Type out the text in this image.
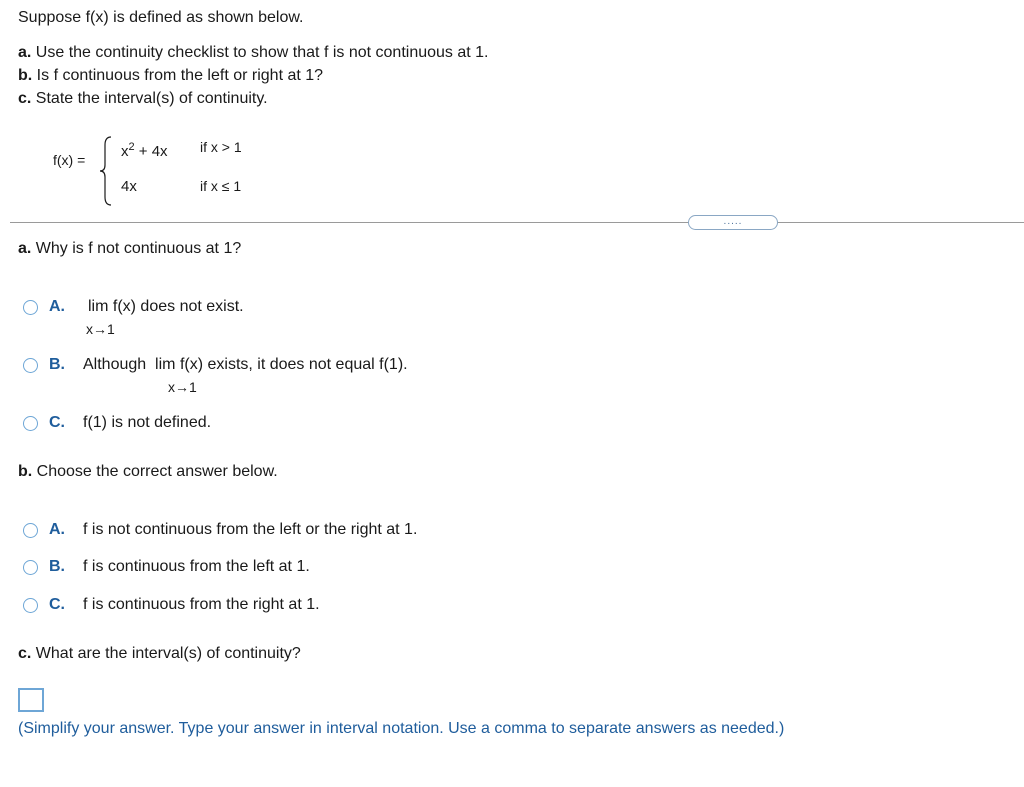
Suppose f(x) is defined as shown below.
a. Use the continuity checklist to show that f is not continuous at 1.
b. Is f continuous from the left or right at 1?
c. State the interval(s) of continuity.
$f(x) = x^2 + 4x$ if x > 1
4x	if x ≤ 1
.....
a. Why is f not continuous at 1?
A. lim f(x) does not exist.
x→1
B. Although  lim f(x) exists, it does not equal f(1).
x→1
C. f(1) is not defined.
b. Choose the correct answer below.
A. f is not continuous from the left or the right at 1.
B. f is continuous from the left at 1.
C. f is continuous from the right at 1.
c. What are the interval(s) of continuity?
(Simplify your answer. Type your answer in interval notation. Use a comma to separate answers as needed.)
